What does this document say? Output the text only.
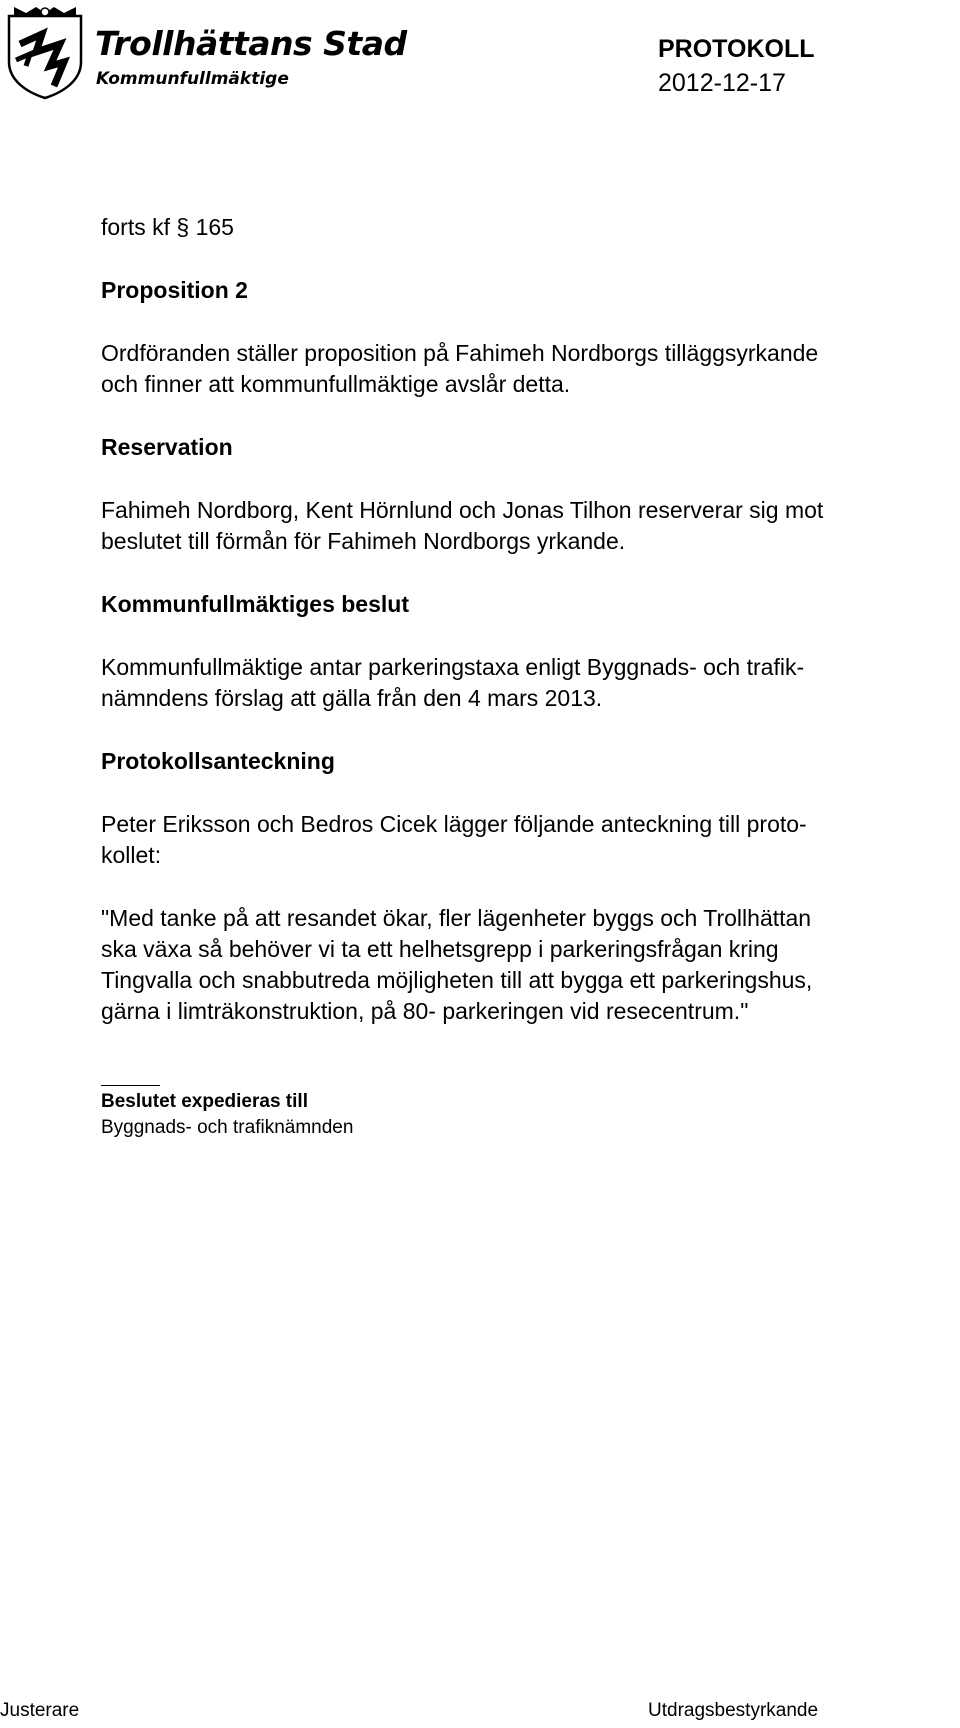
Trollhättans Stad
Kommunfullmäktige
PROTOKOLL
2012-12-17
forts kf § 165
Proposition 2
Ordföranden ställer proposition på Fahimeh Nordborgs tilläggsyrkande
och finner att kommunfullmäktige avslår detta.
Reservation
Fahimeh Nordborg, Kent Hörnlund och Jonas Tilhon reserverar sig mot
beslutet till förmån för Fahimeh Nordborgs yrkande.
Kommunfullmäktiges beslut
Kommunfullmäktige antar parkeringstaxa enligt Byggnads- och trafik-
nämndens förslag att gälla från den 4 mars 2013.
Protokollsanteckning
Peter Eriksson och Bedros Cicek lägger följande anteckning till proto-
kollet:
"Med tanke på att resandet ökar, fler lägenheter byggs och Trollhättan
ska växa så behöver vi ta ett helhetsgrepp i parkeringsfrågan kring
Tingvalla och snabbutreda möjligheten till att bygga ett parkeringshus,
gärna i limträkonstruktion, på 80- parkeringen vid resecentrum."
Beslutet expedieras till
Byggnads- och trafiknämnden
Justerare	Utdragsbestyrkande
